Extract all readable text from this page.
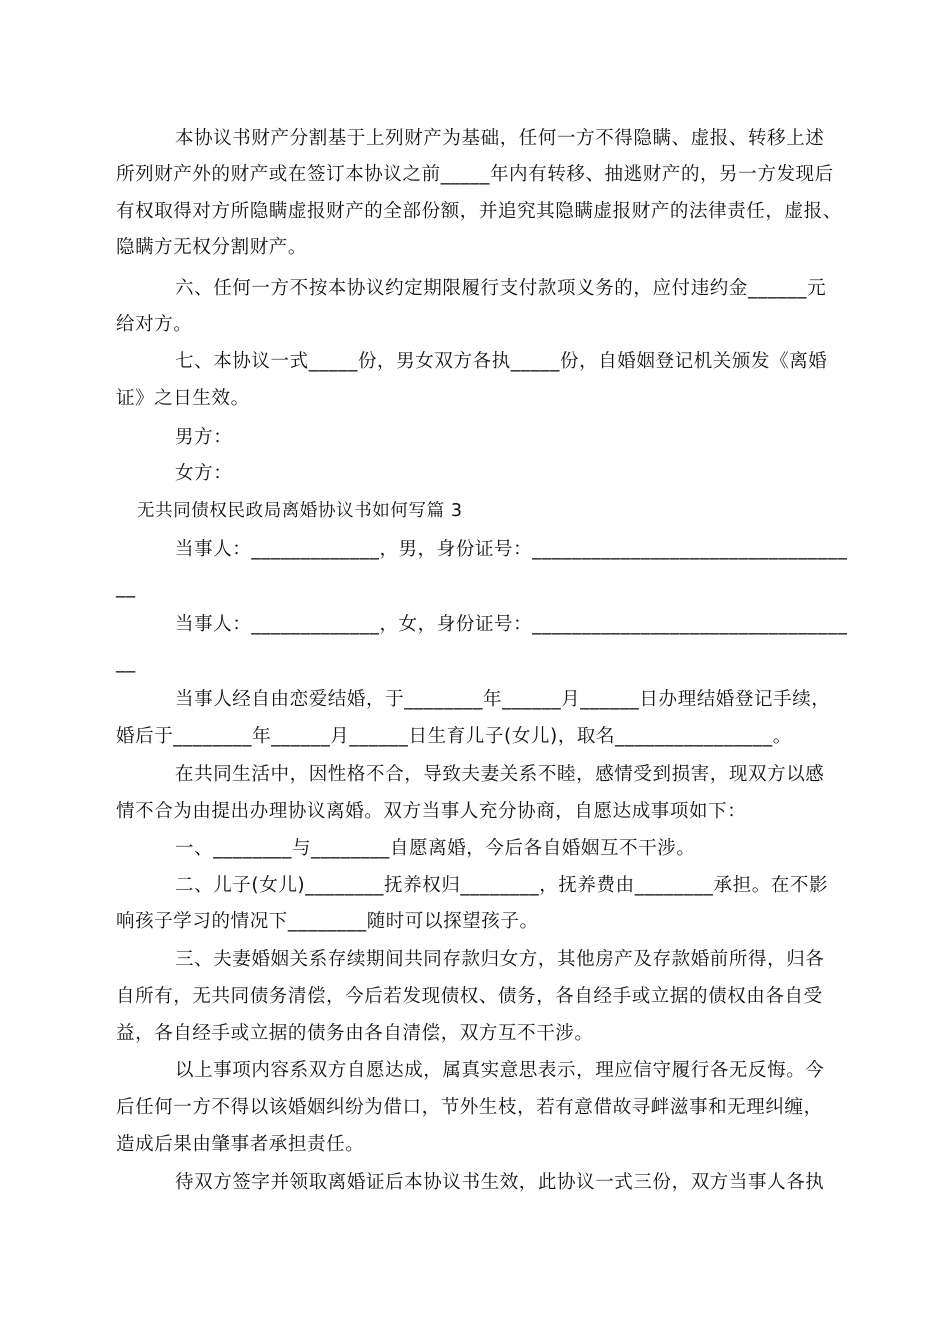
本协议书财产分割基于上列财产为基础，任何一方不得隐瞒、虚报、转移上述
所列财产外的财产或在签订本协议之前_____年内有转移、抽逃财产的，另一方发现后
有权取得对方所隐瞒虚报财产的全部份额，并追究其隐瞒虚报财产的法律责任，虚报、
隐瞒方无权分割财产。
六、任何一方不按本协议约定期限履行支付款项义务的，应付违约金______元
给对方。
七、本协议一式_____份，男女双方各执_____份，自婚姻登记机关颁发《离婚
证》之日生效。
男方：
女方：
无共同债权民政局离婚协议书如何写篇 3
当事人：_____________，男，身份证号：________________________________
__
当事人：_____________，女，身份证号：________________________________
__
当事人经自由恋爱结婚，于________年______月______日办理结婚登记手续，
婚后于________年______月______日生育儿子(女儿)，取名________________。
在共同生活中，因性格不合，导致夫妻关系不睦，感情受到损害，现双方以感
情不合为由提出办理协议离婚。双方当事人充分协商，自愿达成事项如下：
一、________与________自愿离婚，今后各自婚姻互不干涉。
二、儿子(女儿)________抚养权归________，抚养费由________承担。在不影
响孩子学习的情况下________随时可以探望孩子。
三、夫妻婚姻关系存续期间共同存款归女方，其他房产及存款婚前所得，归各
自所有，无共同债务清偿，今后若发现债权、债务，各自经手或立据的债权由各自受
益，各自经手或立据的债务由各自清偿，双方互不干涉。
以上事项内容系双方自愿达成，属真实意思表示，理应信守履行各无反悔。今
后任何一方不得以该婚姻纠纷为借口，节外生枝，若有意借故寻衅滋事和无理纠缠，
造成后果由肇事者承担责任。
待双方签字并领取离婚证后本协议书生效，此协议一式三份，双方当事人各执
